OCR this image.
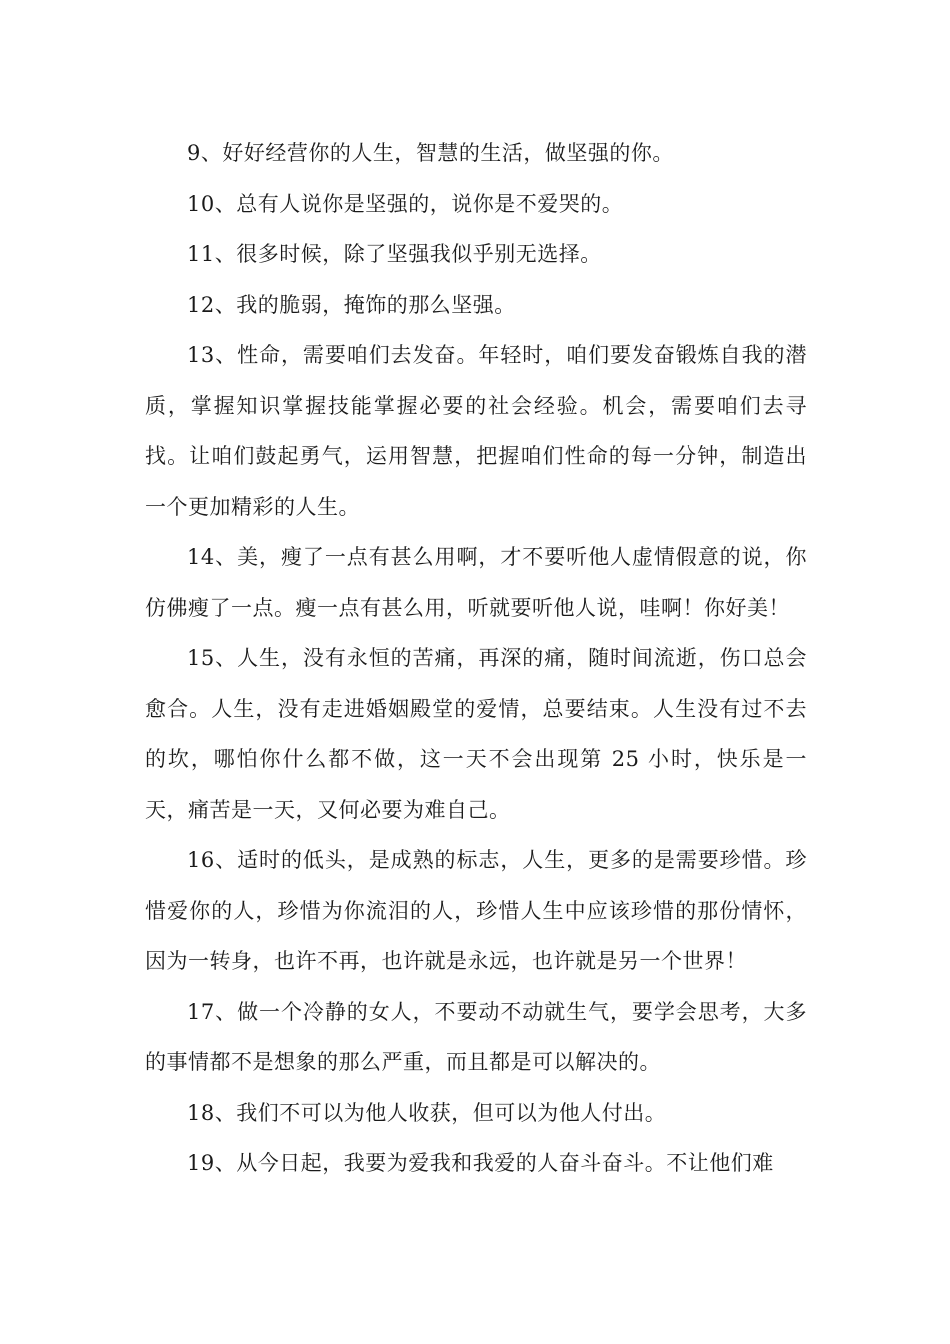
9、好好经营你的人生，智慧的生活，做坚强的你。

10、总有人说你是坚强的，说你是不爱哭的。

11、很多时候，除了坚强我似乎别无选择。

12、我的脆弱，掩饰的那么坚强。

13、性命，需要咱们去发奋。年轻时，咱们要发奋锻炼自我的潜质，掌握知识掌握技能掌握必要的社会经验。机会，需要咱们去寻找。让咱们鼓起勇气，运用智慧，把握咱们性命的每一分钟，制造出一个更加精彩的人生。

14、美，瘦了一点有甚么用啊，才不要听他人虚情假意的说，你仿佛瘦了一点。瘦一点有甚么用，听就要听他人说，哇啊！你好美！

15、人生，没有永恒的苦痛，再深的痛，随时间流逝，伤口总会愈合。人生，没有走进婚姻殿堂的爱情，总要结束。人生没有过不去的坎，哪怕你什么都不做，这一天不会出现第 25 小时，快乐是一天，痛苦是一天，又何必要为难自己。

16、适时的低头，是成熟的标志，人生，更多的是需要珍惜。珍惜爱你的人，珍惜为你流泪的人，珍惜人生中应该珍惜的那份情怀，因为一转身，也许不再，也许就是永远，也许就是另一个世界！

17、做一个冷静的女人，不要动不动就生气，要学会思考，大多的事情都不是想象的那么严重，而且都是可以解决的。

18、我们不可以为他人收获，但可以为他人付出。

19、从今日起，我要为爱我和我爱的人奋斗奋斗。不让他们难
